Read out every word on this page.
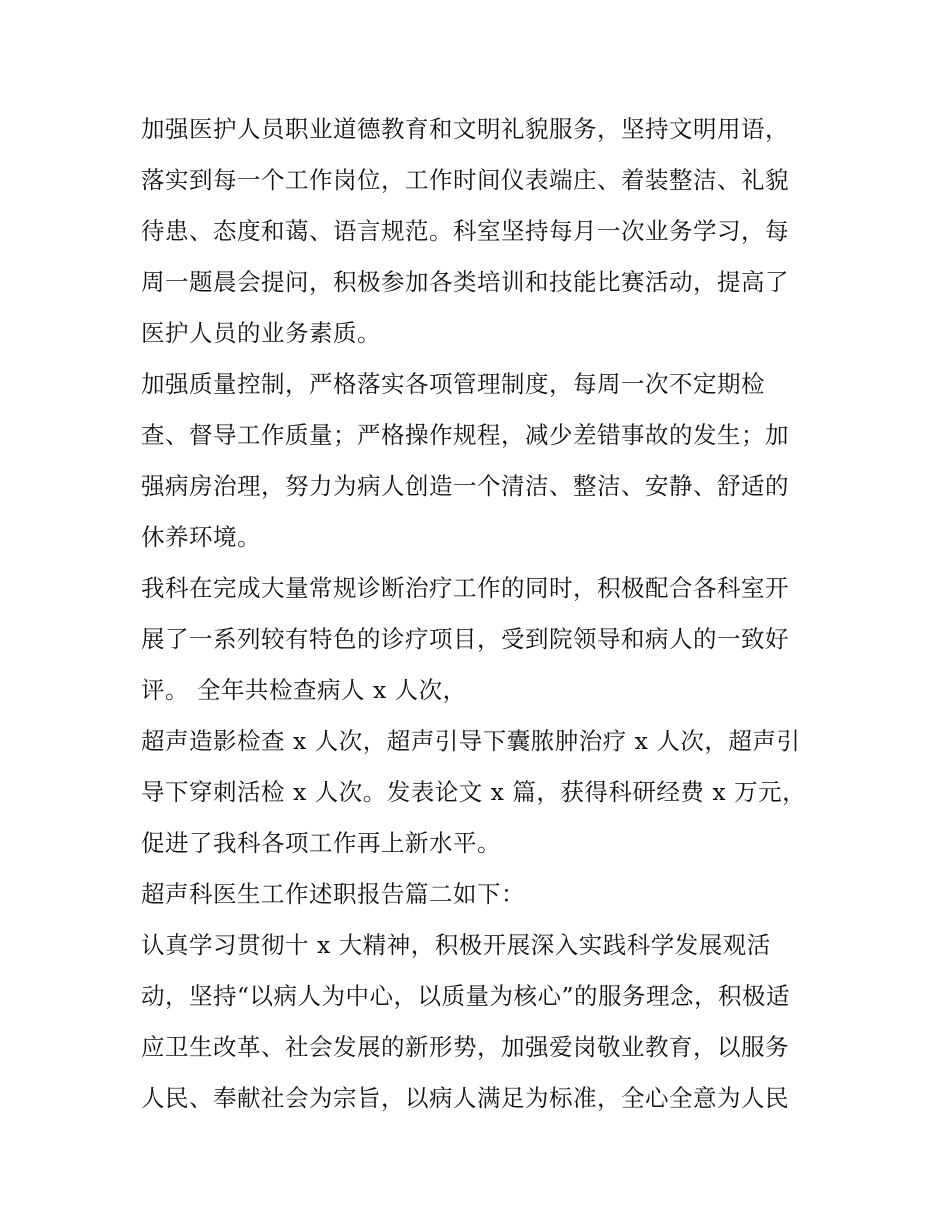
加强医护人员职业道德教育和文明礼貌服务，坚持文明用语，
落实到每一个工作岗位，工作时间仪表端庄、着装整洁、礼貌
待患、态度和蔼、语言规范。科室坚持每月一次业务学习，每
周一题晨会提问，积极参加各类培训和技能比赛活动，提高了
医护人员的业务素质。
加强质量控制，严格落实各项管理制度，每周一次不定期检
查、督导工作质量；严格操作规程，减少差错事故的发生；加
强病房治理，努力为病人创造一个清洁、整洁、安静、舒适的
休养环境。
我科在完成大量常规诊断治疗工作的同时，积极配合各科室开
展了一系列较有特色的诊疗项目，受到院领导和病人的一致好
评。 全年共检查病人 x 人次，
超声造影检查 x 人次，超声引导下囊脓肿治疗 x 人次，超声引
导下穿刺活检 x 人次。发表论文 x 篇，获得科研经费 x 万元，
促进了我科各项工作再上新水平。
超声科医生工作述职报告篇二如下：
认真学习贯彻十 x 大精神，积极开展深入实践科学发展观活
动，坚持“以病人为中心，以质量为核心”的服务理念，积极适
应卫生改革、社会发展的新形势，加强爱岗敬业教育，以服务
人民、奉献社会为宗旨，以病人满足为标准，全心全意为人民
